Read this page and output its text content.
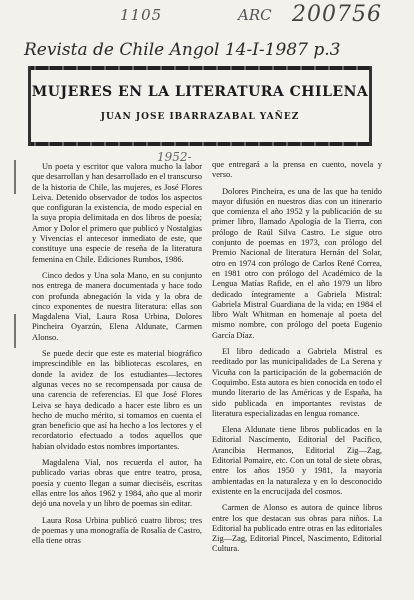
1105	ARC 200756
Revista de Chile Angol 14-I-1987 p.3
1952-
MUJERES EN LA LITERATURA CHILENA
JUAN JOSE IBARRAZABAL YAÑEZ

Un poeta y escritor que valora mucho la labor que desarrollan y han desarrollado en el transcurso de la historia de Chile, las mujeres, es José Flores Leiva. Detenido observador de todos los aspectos que configuran la existencia, de modo especial en la suya propia delimitada en dos libros de poesía; Amor y Dolor el primero que publicó y Nostalgias y Vivencias el antecesor inmediato de este, que constituye una especie de reseña de la literatura femenina en Chile. Ediciones Rumbos, 1986.

Cinco dedos y Una sola Mano, en su conjunto nos entrega de manera documentada y hace todo con profunda abnegación la vida y la obra de cinco exponentes de nuestra literatura: ellas son Magdalena Vial, Laura Rosa Urbina, Dolores Pincheira Oyarzún, Elena Aldunate, Carmen Alonso.

Se puede decir que este es material biográfico imprescindible en las bibliotecas escolares, en donde la avidez de los estudiantes—lectores algunas veces no se recompensada por causa de una carencia de referencias. El que José Flores Leiva se haya dedicado a hacer este libro es un hecho de mucho mérito, si tomamos en cuenta el gran beneficio que así ha hecho a los lectores y el recordatorio efectuado a todos aquellos que habían olvidado estos nombres importantes.

Magdalena Vial, nos recuerda el autor, ha publicado varias obras que entre teatro, prosa, poesía y cuento llegan a sumar dieciséis, escritas ellas entre los años 1962 y 1984, año que al morir dejó una novela y un libro de poemas sin editar.

Laura Rosa Urbina publicó cuatro libros; tres de poemas y una monografía de Rosalía de Castro, ella tiene otras

que entregará a la prensa en cuento, novela y verso.

Dolores Pincheira, es una de las que ha tenido mayor difusión en nuestros días con un itinerario que comienza el año 1952 y la publicación de su primer libro, llamado Apología de la Tierra, con prólogo de Raúl Silva Castro. Le sigue otro conjunto de poemas en 1973, con prólogo del Premio Nacional de literatura Hernán del Solar, otro en 1974 con prólogo de Carlos René Correa, en 1981 otro con prólogo del Académico de la Lengua Matías Rafide, en el año 1979 un libro dedicado íntegramente a Gabriela Mistral: Gabriela Mistral Guardiana de la vida; en 1984 el libro Walt Whitman en homenaje al poeta del mismo nombre, con prólogo del poeta Eugenio García Díaz.

El libro dedicado a Gabriela Mistral es reeditado por las municipalidades de La Serena y Vicuña con la participación de la gobernación de Coquimbo. Esta autora es bien conocida en todo el mundo literario de las Américas y de España, ha sido publicada en importantes revistas de literatura especializadas en lengua romance.

Elena Aldunate tiene libros publicados en la Editorial Nascimento, Editorial del Pacífico, Arancibia Hermanos, Editorial Zig—Zag, Editorial Pomaire, etc. Con un total de siete obras, entre los años 1950 y 1981, la mayoría ambientadas en la naturaleza y en lo desconocido existente en la encrucijada del cosmos.

Carmen de Alonso es autora de quince libros entre los que destacan sus obras para niños. La Editorial ha publicado entre otras en las editoriales Zig—Zag, Editorial Pincel, Nascimento, Editorial Cultura.
